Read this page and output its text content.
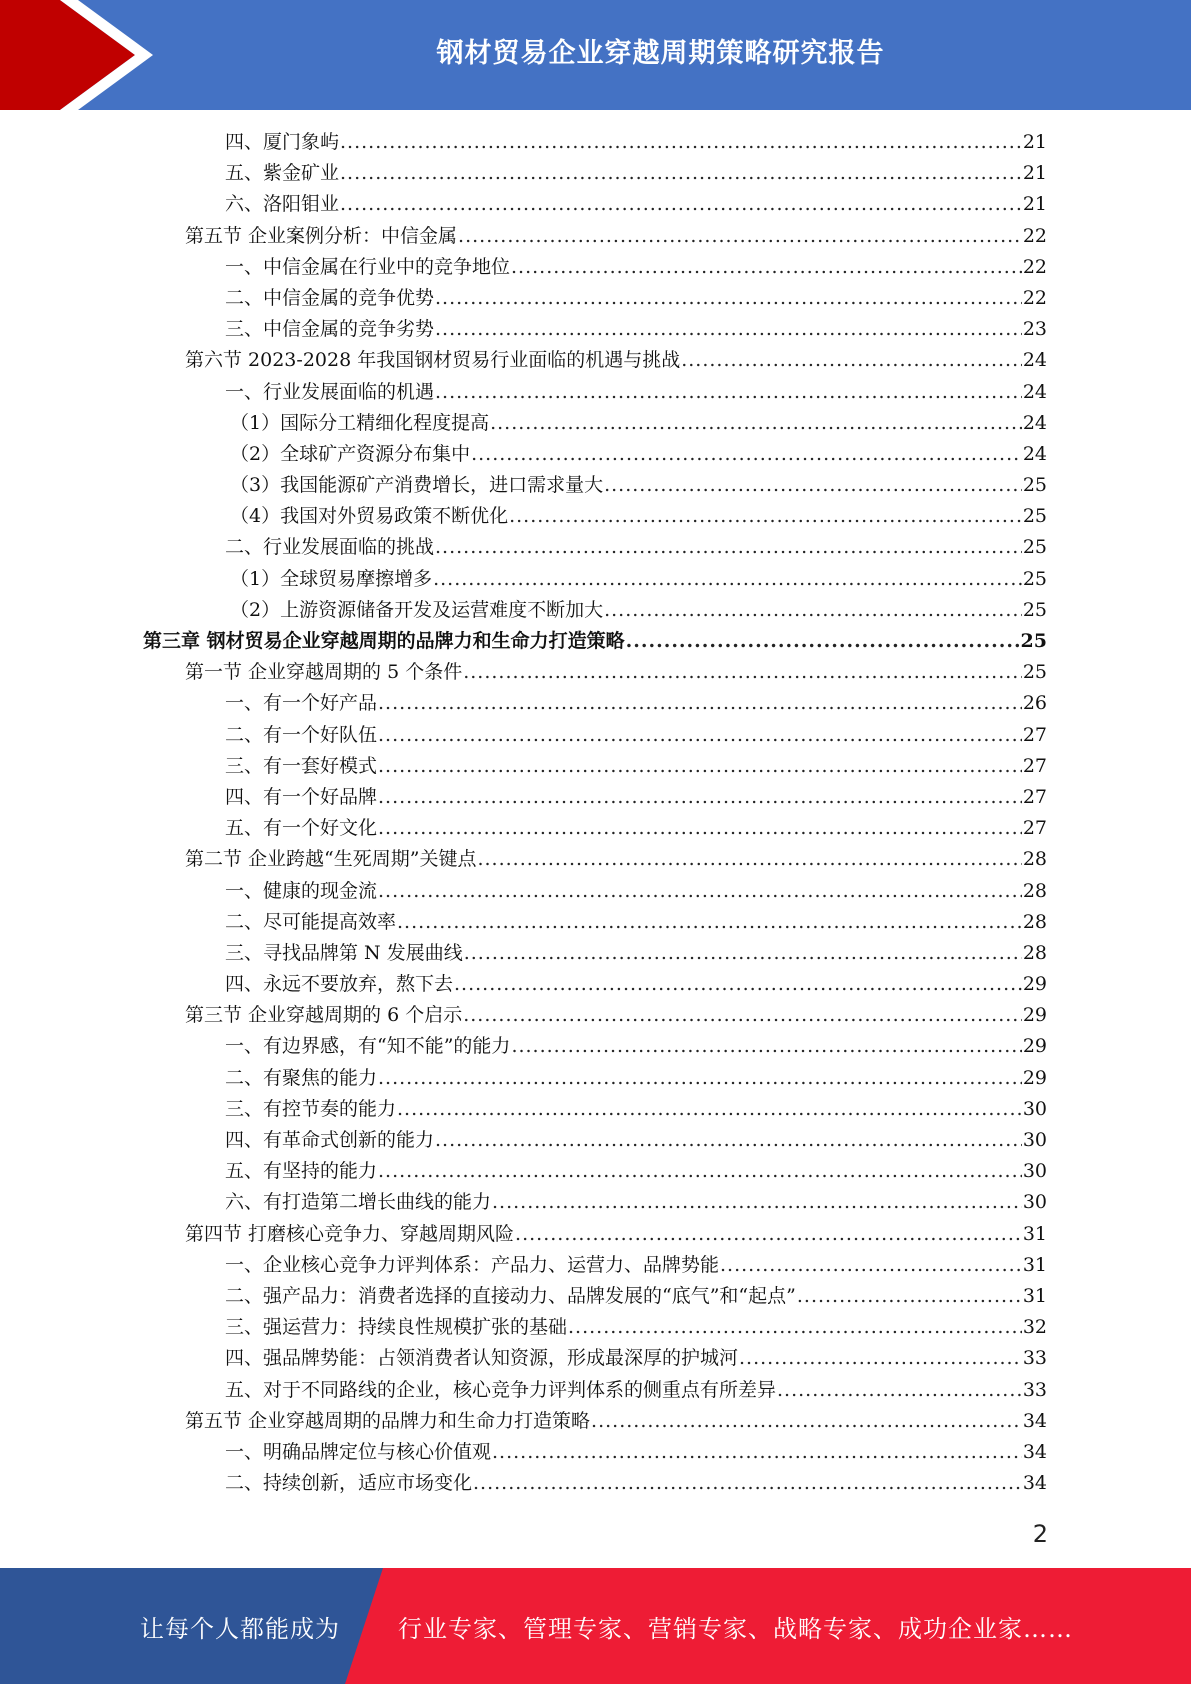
钢材贸易企业穿越周期策略研究报告
四、厦门象屿 .....	21
五、紫金矿业 .....	21
六、洛阳钼业 .....	21
第五节 企业案例分析：中信金属 .....	22
一、中信金属在行业中的竞争地位 .....	22
二、中信金属的竞争优势 .....	22
三、中信金属的竞争劣势 .....	23
第六节 2023-2028 年我国钢材贸易行业面临的机遇与挑战 .....	24
一、行业发展面临的机遇 .....	24
（1）国际分工精细化程度提高 .....	24
（2）全球矿产资源分布集中 .....	24
（3）我国能源矿产消费增长，进口需求量大 .....	25
（4）我国对外贸易政策不断优化 .....	25
二、行业发展面临的挑战 .....	25
（1）全球贸易摩擦增多 .....	25
（2）上游资源储备开发及运营难度不断加大 .....	25
第三章 钢材贸易企业穿越周期的品牌力和生命力打造策略 .....	25
第一节 企业穿越周期的 5 个条件 .....	25
一、有一个好产品 .....	26
二、有一个好队伍 .....	27
三、有一套好模式 .....	27
四、有一个好品牌 .....	27
五、有一个好文化 .....	27
第二节 企业跨越“生死周期”关键点 .....	28
一、健康的现金流 .....	28
二、尽可能提高效率 .....	28
三、寻找品牌第 N 发展曲线 .....	28
四、永远不要放弃，熬下去 .....	29
第三节 企业穿越周期的 6 个启示 .....	29
一、有边界感，有“知不能”的能力 .....	29
二、有聚焦的能力 .....	29
三、有控节奏的能力 .....	30
四、有革命式创新的能力 .....	30
五、有坚持的能力 .....	30
六、有打造第二增长曲线的能力 .....	30
第四节 打磨核心竞争力、穿越周期风险 .....	31
一、企业核心竞争力评判体系：产品力、运营力、品牌势能 .....	31
二、强产品力：消费者选择的直接动力、品牌发展的“底气”和“起点” .....	31
三、强运营力：持续良性规模扩张的基础 .....	32
四、强品牌势能：占领消费者认知资源，形成最深厚的护城河 .....	33
五、对于不同路线的企业，核心竞争力评判体系的侧重点有所差异 .....	33
第五节 企业穿越周期的品牌力和生命力打造策略 .....	34
一、明确品牌定位与核心价值观 .....	34
二、持续创新，适应市场变化 .....	34
2
让每个人都能成为 行业专家、管理专家、营销专家、战略专家、成功企业家……
